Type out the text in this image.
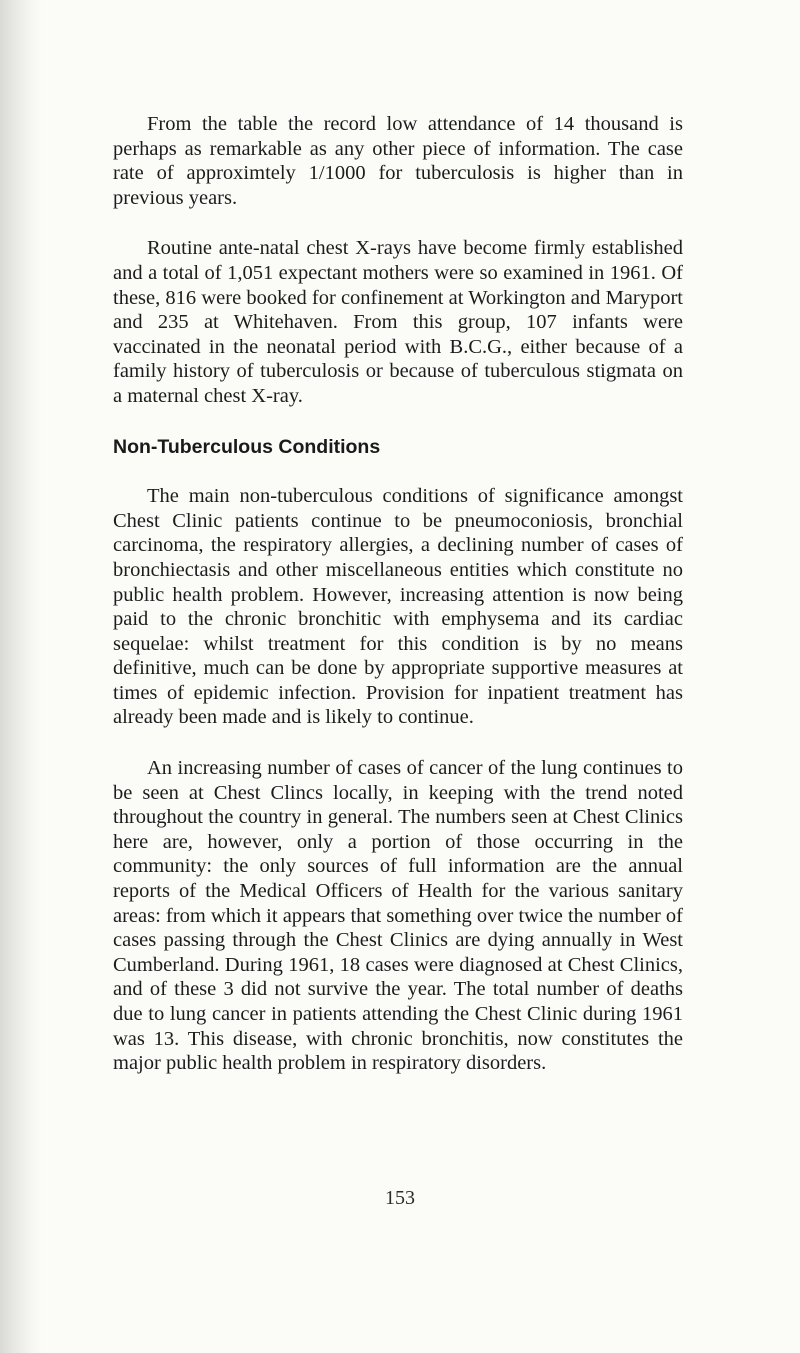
From the table the record low attendance of 14 thousand is perhaps as remarkable as any other piece of information. The case rate of approximtely 1/1000 for tuberculosis is higher than in previous years.

Routine ante-natal chest X-rays have become firmly established and a total of 1,051 expectant mothers were so examined in 1961. Of these, 816 were booked for confinement at Workington and Maryport and 235 at Whitehaven. From this group, 107 infants were vaccinated in the neonatal period with B.C.G., either because of a family history of tuberculosis or because of tuberculous stigmata on a maternal chest X-ray.

Non-Tuberculous Conditions

The main non-tuberculous conditions of significance amongst Chest Clinic patients continue to be pneumoconiosis, bronchial carcinoma, the respiratory allergies, a declining number of cases of bronchiectasis and other miscellaneous entities which constitute no public health problem. However, increasing attention is now being paid to the chronic bronchitic with emphysema and its cardiac sequelae: whilst treatment for this condition is by no means definitive, much can be done by appropriate supportive measures at times of epidemic infection. Provision for inpatient treatment has already been made and is likely to continue.

An increasing number of cases of cancer of the lung continues to be seen at Chest Clincs locally, in keeping with the trend noted throughout the country in general. The numbers seen at Chest Clinics here are, however, only a portion of those occurring in the community: the only sources of full information are the annual reports of the Medical Officers of Health for the various sanitary areas: from which it appears that something over twice the number of cases passing through the Chest Clinics are dying annually in West Cumberland. During 1961, 18 cases were diagnosed at Chest Clinics, and of these 3 did not survive the year. The total number of deaths due to lung cancer in patients attending the Chest Clinic during 1961 was 13. This disease, with chronic bronchitis, now constitutes the major public health problem in respiratory disorders.

153
